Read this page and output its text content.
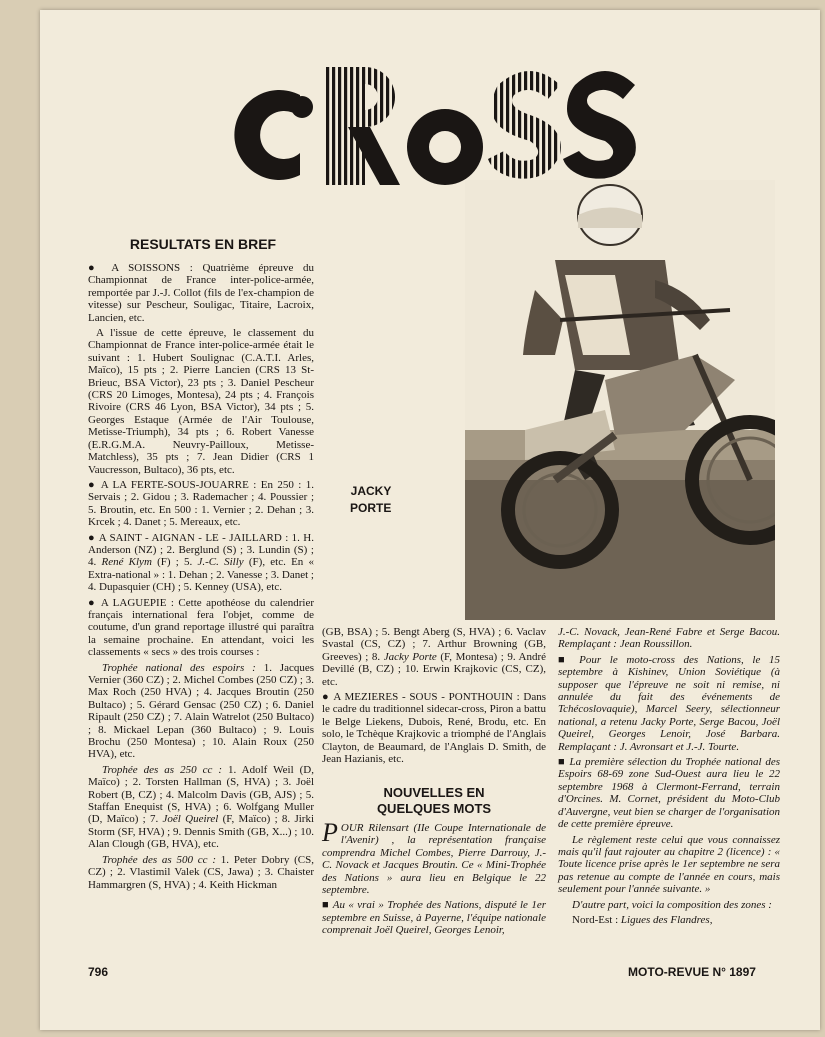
RESULTATS EN BREF

● A SOISSONS : Quatrième épreuve du Championnat de France inter-police-armée, remportée par J.-J. Collot (fils de l'ex-champion de vitesse) sur Pescheur, Souligac, Titaire, Lacroix, Lancien, etc.

A l'issue de cette épreuve, le classement du Championnat de France inter-police-armée était le suivant : 1. Hubert Soulignac (C.A.T.I. Arles, Maïco), 15 pts ; 2. Pierre Lancien (CRS 13 St-Brieuc, BSA Victor), 23 pts ; 3. Daniel Pescheur (CRS 20 Limoges, Montesa), 24 pts ; 4. François Rivoire (CRS 46 Lyon, BSA Victor), 34 pts ; 5. Georges Estaque (Armée de l'Air Toulouse, Metisse-Triumph), 34 pts ; 6. Robert Vanesse (E.R.G.M.A. Neuvry-Pailloux, Metisse-Matchless), 35 pts ; 7. Jean Didier (CRS 1 Vaucresson, Bultaco), 36 pts, etc.

● A LA FERTE-SOUS-JOUARRE : En 250 : 1. Servais ; 2. Gidou ; 3. Rademacher ; 4. Poussier ; 5. Broutin, etc. En 500 : 1. Vernier ; 2. Dehan ; 3. Krcek ; 4. Danet ; 5. Mereaux, etc.

● A SAINT - AIGNAN - LE - JAILLARD : 1. H. Anderson (NZ) ; 2. Berglund (S) ; 3. Lundin (S) ; 4. René Klym (F) ; 5. J.-C. Silly (F), etc. En « Extra-national » : 1. Dehan ; 2. Vanesse ; 3. Danet ; 4. Dupasquier (CH) ; 5. Kenney (USA), etc.

● A LAGUEPIE : Cette apothéose du calendrier français international fera l'objet, comme de coutume, d'un grand reportage illustré qui paraîtra la semaine prochaine. En attendant, voici les classements « secs » des trois courses :

Trophée national des espoirs : 1. Jacques Vernier (360 CZ) ; 2. Michel Combes (250 CZ) ; 3. Max Roch (250 HVA) ; 4. Jacques Broutin (250 Bultaco) ; 5. Gérard Gensac (250 CZ) ; 6. Daniel Ripault (250 CZ) ; 7. Alain Watrelot (250 Bultaco) ; 8. Mickael Lepan (360 Bultaco) ; 9. Louis Brochu (250 Montesa) ; 10. Alain Roux (250 HVA), etc.

Trophée des as 250 cc : 1. Adolf Weil (D, Maïco) ; 2. Torsten Hallman (S, HVA) ; 3. Joël Robert (B, CZ) ; 4. Malcolm Davis (GB, AJS) ; 5. Staffan Enequist (S, HVA) ; 6. Wolfgang Muller (D, Maïco) ; 7. Joël Queirel (F, Maïco) ; 8. Jirki Storm (SF, HVA) ; 9. Dennis Smith (GB, X...) ; 10. Alan Clough (GB, HVA), etc.

Trophée des as 500 cc : 1. Peter Dobry (CS, CZ) ; 2. Vlastimil Valek (CS, Jawa) ; 3. Chaister Hammargren (S, HVA) ; 4. Keith Hickman

JACKY
PORTE

(GB, BSA) ; 5. Bengt Aberg (S, HVA) ; 6. Vaclav Svastal (CS, CZ) ; 7. Arthur Browning (GB, Greeves) ; 8. Jacky Porte (F, Montesa) ; 9. André Devillé (B, CZ) ; 10. Erwin Krajkovic (CS, CZ), etc.

● A MEZIERES - SOUS - PONTHOUIN : Dans le cadre du traditionnel sidecar-cross, Piron a battu le Belge Liekens, Dubois, René, Brodu, etc. En solo, le Tchèque Krajkovic a triomphé de l'Anglais Clayton, de Beaumard, de l'Anglais D. Smith, de Jean Hazianis, etc.

NOUVELLES EN QUELQUES MOTS

POUR Rilensart (IIe Coupe Internationale de l'Avenir) , la représentation française comprendra Michel Combes, Pierre Darrouy, J.-C. Novack et Jacques Broutin. Ce « Mini-Trophée des Nations » aura lieu en Belgique le 22 septembre.

■ Au « vrai » Trophée des Nations, disputé le 1er septembre en Suisse, à Payerne, l'équipe nationale comprenait Joël Queirel, Georges Lenoir,

J.-C. Novack, Jean-René Fabre et Serge Bacou. Remplaçant : Jean Roussillon.

■ Pour le moto-cross des Nations, le 15 septembre à Kishinev, Union Soviétique (à supposer que l'épreuve ne soit ni remise, ni annulée du fait des événements de Tchécoslovaquie), Marcel Seery, sélectionneur national, a retenu Jacky Porte, Serge Bacou, Joël Queirel, Georges Lenoir, José Barbara. Remplaçant : J. Avronsart et J.-J. Tourte.

■ La première sélection du Trophée national des Espoirs 68-69 zone Sud-Ouest aura lieu le 22 septembre 1968 à Clermont-Ferrand, terrain d'Orcines. M. Cornet, président du Moto-Club d'Auvergne, veut bien se charger de l'organisation de cette première épreuve.

Le règlement reste celui que vous connaissez mais qu'il faut rajouter au chapitre 2 (licence) : « Toute licence prise après le 1er septembre ne sera pas retenue au compte de l'année en cours, mais seulement pour l'année suivante. »

D'autre part, voici la composition des zones :

Nord-Est : Ligues des Flandres,

796	MOTO-REVUE N° 1897
